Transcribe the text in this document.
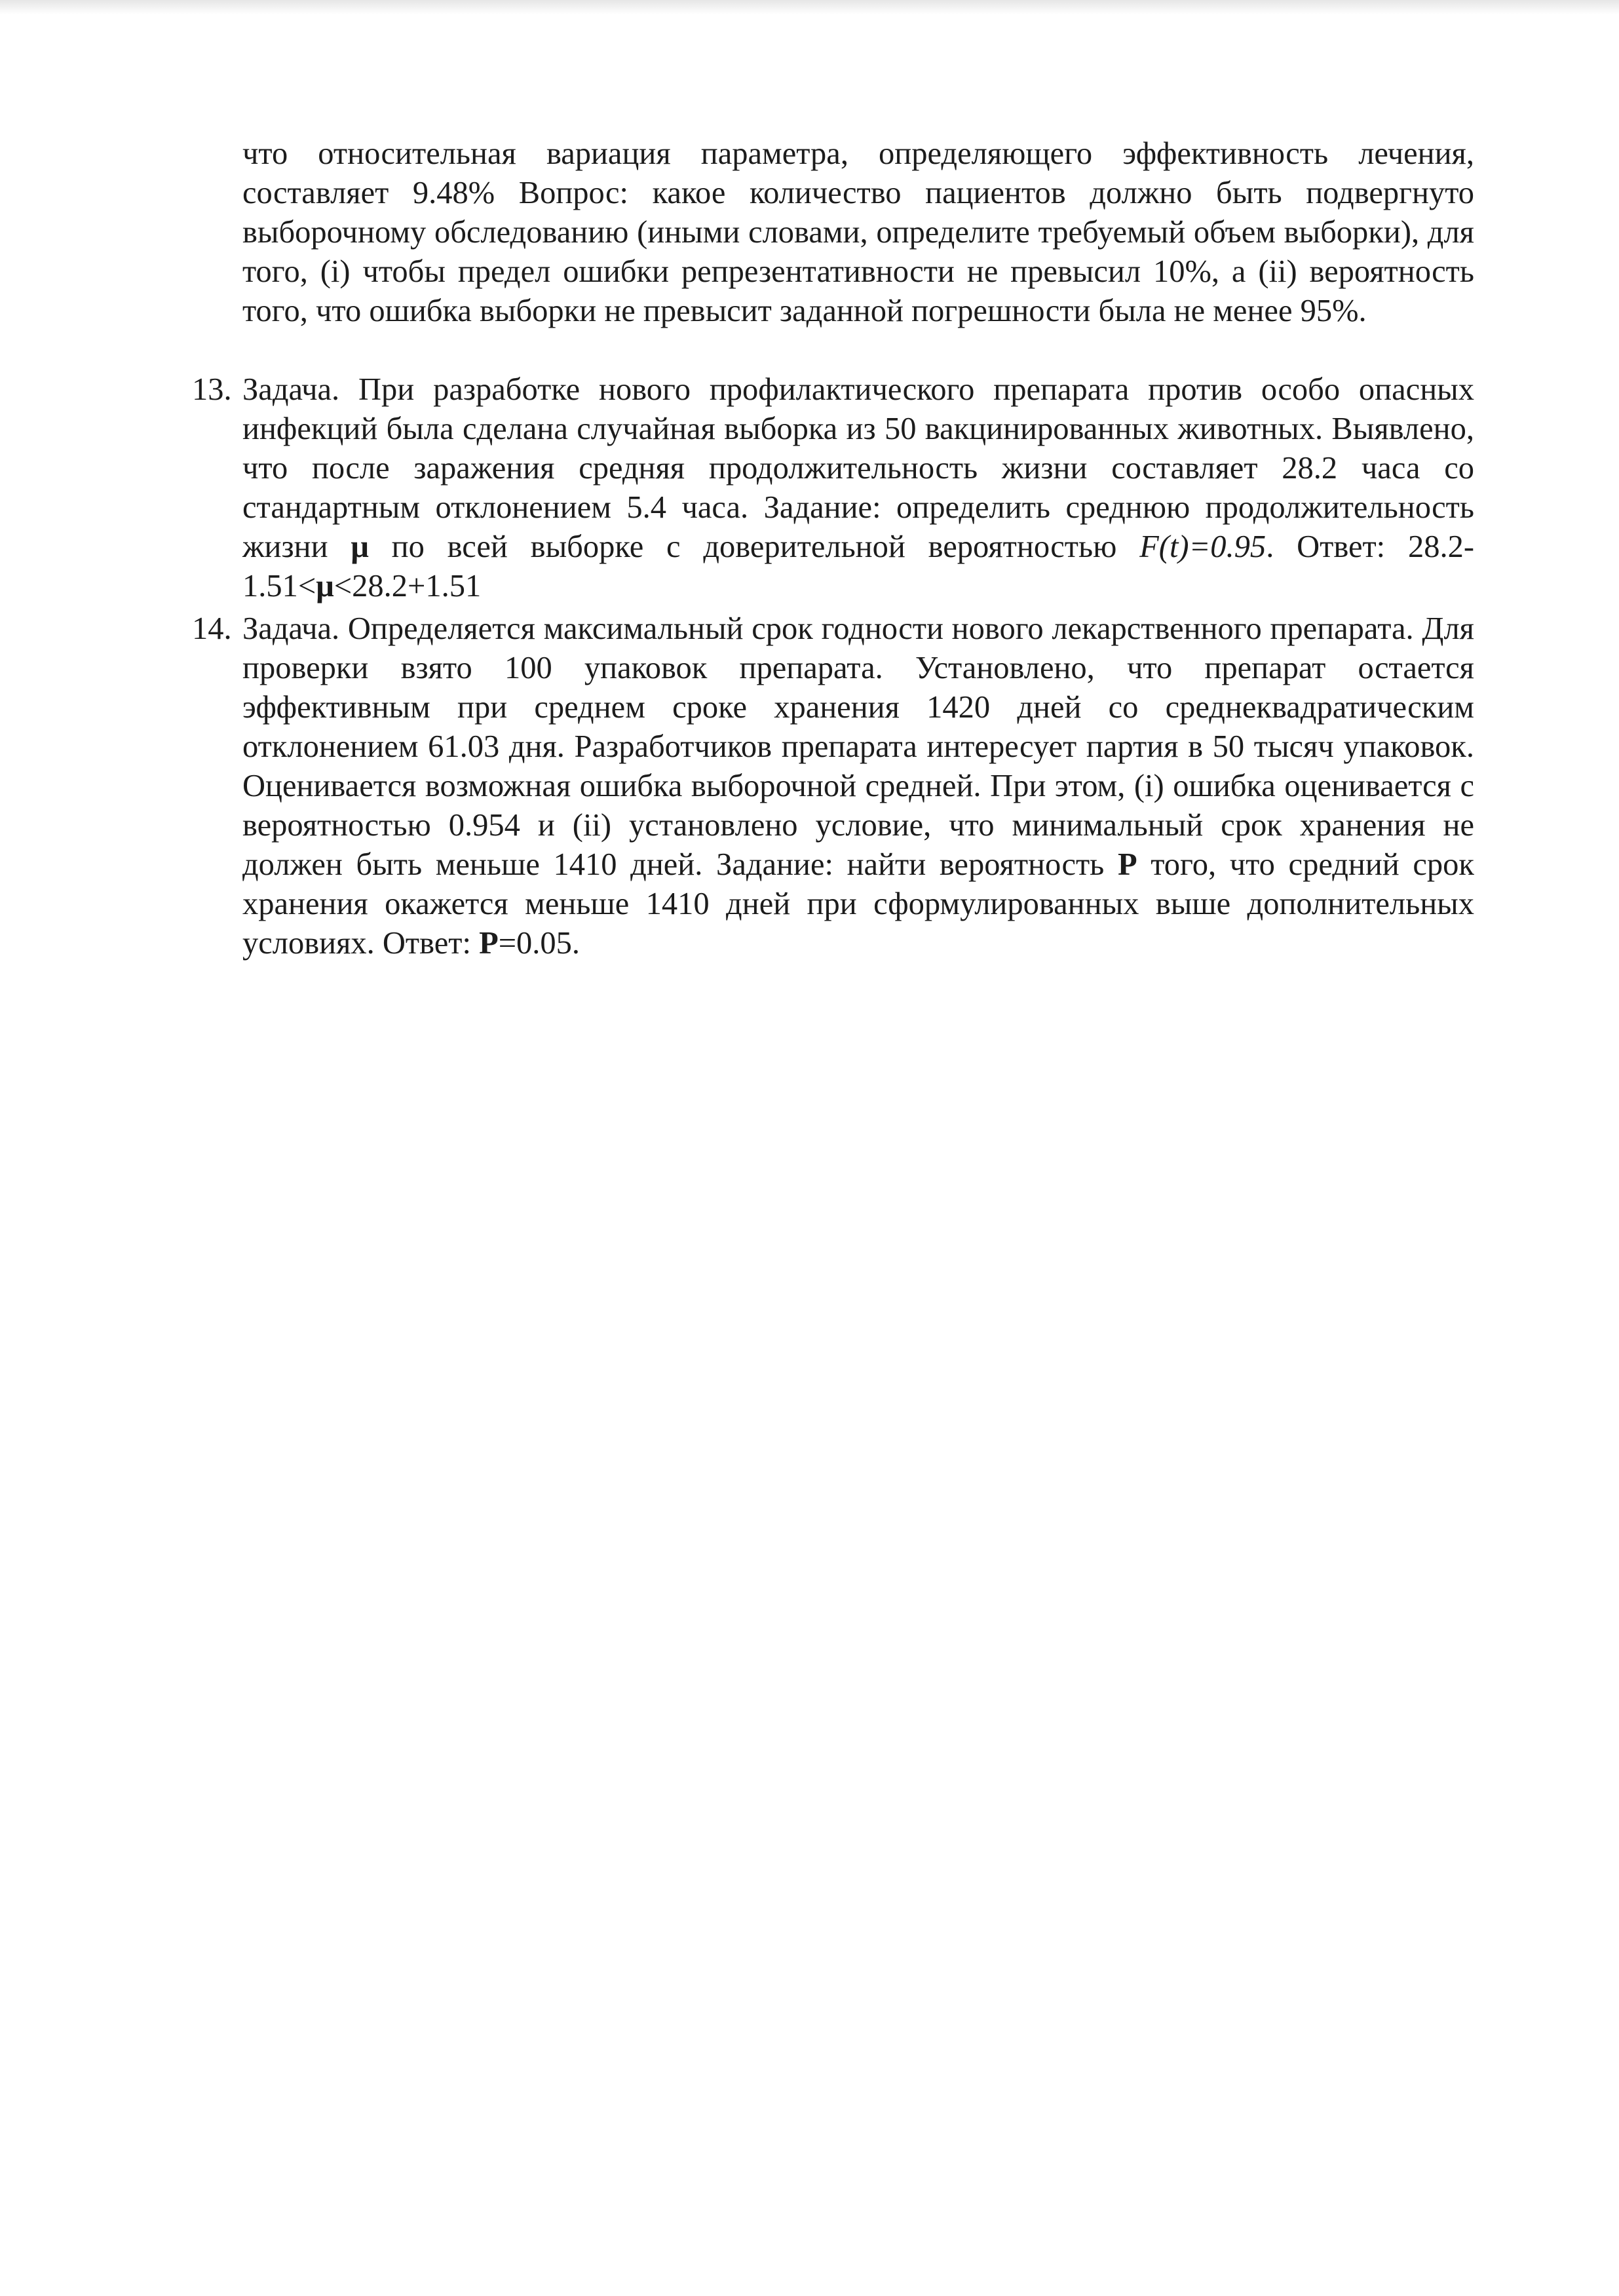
что относительная вариация параметра, определяющего эффективность лечения, составляет 9.48% Вопрос: какое количество пациентов должно быть подвергнуто выборочному обследованию (иными словами, определите требуемый объем выборки), для того, (i) чтобы предел ошибки репрезентативности не превысил 10%, а (ii) вероятность того, что ошибка выборки не превысит заданной погрешности была не менее 95%.

13. Задача. При разработке нового профилактического препарата против особо опасных инфекций была сделана случайная выборка из 50 вакцинированных животных. Выявлено, что после заражения средняя продолжительность жизни составляет 28.2 часа со стандартным отклонением 5.4 часа. Задание: определить среднюю продолжительность жизни μ по всей выборке с доверительной вероятностью F(t)=0.95. Ответ: 28.2-1.51<μ<28.2+1.51

14. Задача. Определяется максимальный срок годности нового лекарственного препарата. Для проверки взято 100 упаковок препарата. Установлено, что препарат остается эффективным при среднем сроке хранения 1420 дней со среднеквадратическим отклонением 61.03 дня. Разработчиков препарата интересует партия в 50 тысяч упаковок. Оценивается возможная ошибка выборочной средней. При этом, (i) ошибка оценивается с вероятностью 0.954 и (ii) установлено условие, что минимальный срок хранения не должен быть меньше 1410 дней. Задание: найти вероятность P того, что средний срок хранения окажется меньше 1410 дней при сформулированных выше дополнительных условиях. Ответ: P=0.05.
